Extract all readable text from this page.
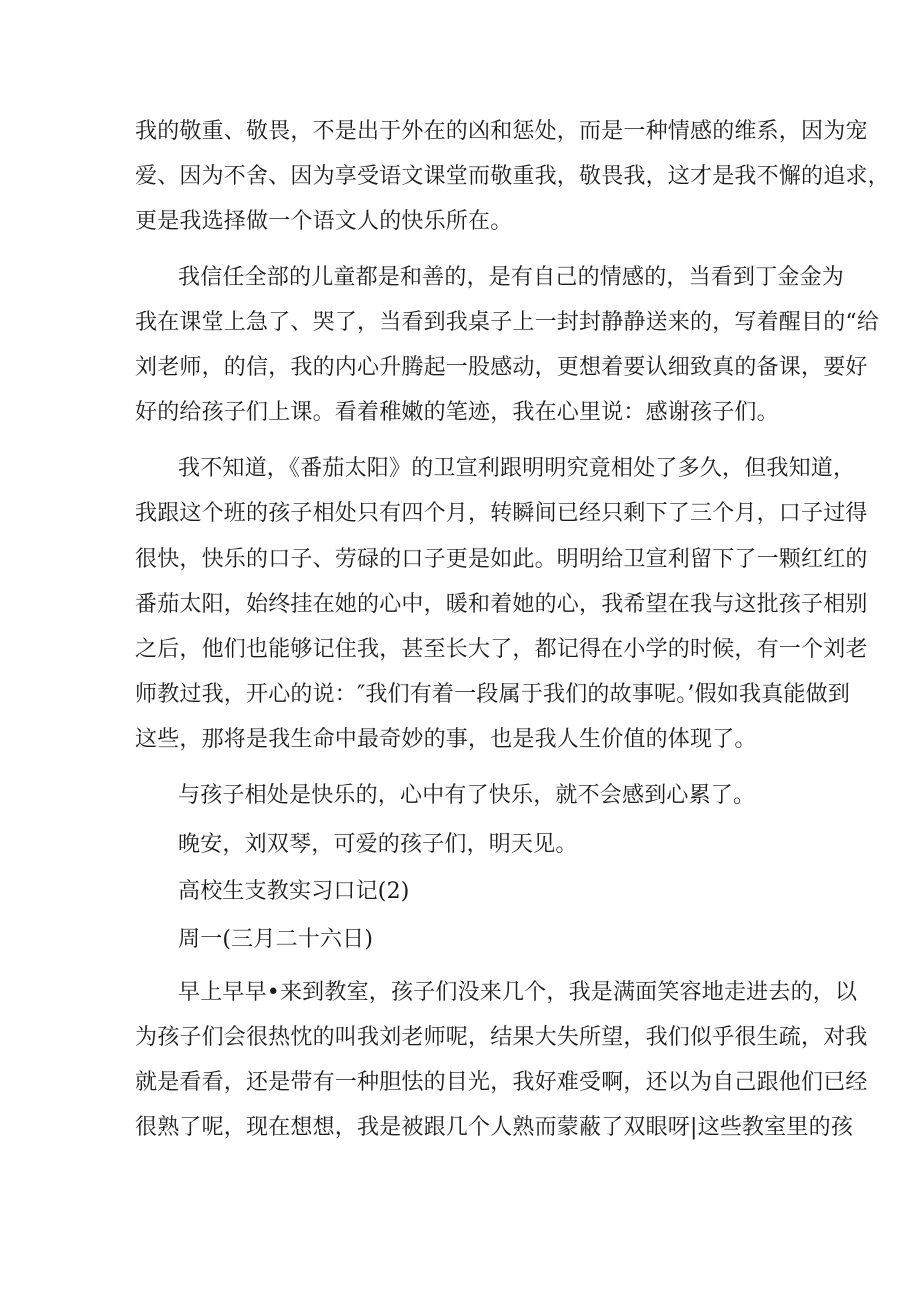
我的敬重、敬畏，不是出于外在的凶和惩处，而是一种情感的维系，因为宠
爱、因为不舍、因为享受语文课堂而敬重我，敬畏我，这才是我不懈的追求，
更是我选择做一个语文人的快乐所在。
我信任全部的儿童都是和善的，是有自己的情感的，当看到丁金金为
我在课堂上急了、哭了，当看到我桌子上一封封静静送来的，写着醒目的“给
刘老师，的信，我的内心升腾起一股感动，更想着要认细致真的备课，要好
好的给孩子们上课。看着稚嫩的笔迹，我在心里说：感谢孩子们。
我不知道，《番茄太阳》的卫宣利跟明明究竟相处了多久，但我知道，
我跟这个班的孩子相处只有四个月，转瞬间已经只剩下了三个月，口子过得
很快，快乐的口子、劳碌的口子更是如此。明明给卫宣利留下了一颗红红的
番茄太阳，始终挂在她的心中，暖和着她的心，我希望在我与这批孩子相别
之后，他们也能够记住我，甚至长大了，都记得在小学的时候，有一个刘老
师教过我，开心的说：″我们有着一段属于我们的故事呢。’假如我真能做到
这些，那将是我生命中最奇妙的事，也是我人生价值的体现了。
与孩子相处是快乐的，心中有了快乐，就不会感到心累了。
晚安，刘双琴，可爱的孩子们，明天见。
高校生支教实习口记(2)
周一(三月二十六日)
早上早早•来到教室，孩子们没来几个，我是满面笑容地走进去的，以
为孩子们会很热忱的叫我刘老师呢，结果大失所望，我们似乎很生疏，对我
就是看看，还是带有一种胆怯的目光，我好难受啊，还以为自己跟他们已经
很熟了呢，现在想想，我是被跟几个人熟而蒙蔽了双眼呀|这些教室里的孩
